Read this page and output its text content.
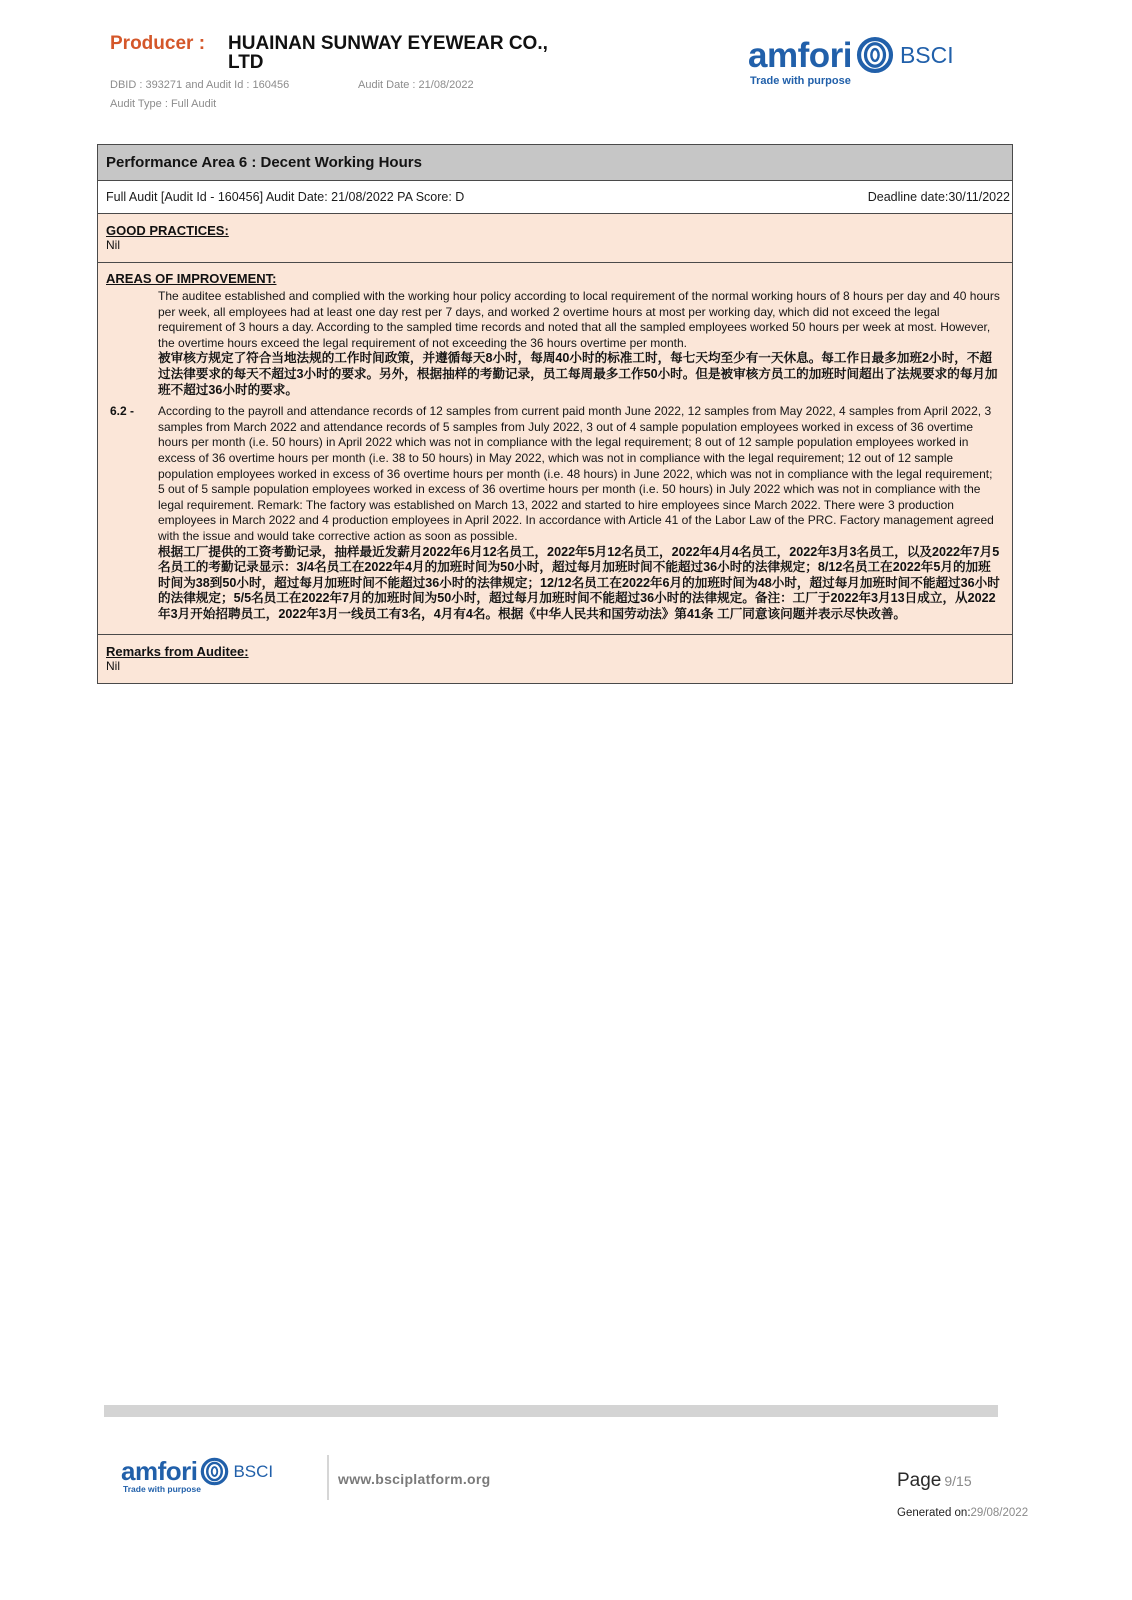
Producer : HUAINAN SUNWAY EYEWEAR CO., LTD
DBID : 393271 and Audit Id : 160456	Audit Date : 21/08/2022
Audit Type : Full Audit
amfori BSCI
Trade with purpose
Performance Area 6 : Decent Working Hours
Full Audit [Audit Id - 160456] Audit Date: 21/08/2022 PA Score: D	Deadline date:30/11/2022
GOOD PRACTICES:
Nil
AREAS OF IMPROVEMENT:

The auditee established and complied with the working hour policy according to local requirement of the normal working hours of 8 hours per day and 40 hours per week, all employees had at least one day rest per 7 days, and worked 2 overtime hours at most per working day, which did not exceed the legal requirement of 3 hours a day. According to the sampled time records and noted that all the sampled employees worked 50 hours per week at most. However, the overtime hours exceed the legal requirement of not exceeding the 36 hours overtime per month.

被审核方规定了符合当地法规的工作时间政策，并遵循每天8小时，每周40小时的标准工时，每七天均至少有一天休息。每工作日最多加班2小时，不超过法律要求的每天不超过3小时的要求。另外，根据抽样的考勤记录，员工每周最多工作50小时。但是被审核方员工的加班时间超出了法规要求的每月加班不超过36小时的要求。

6.2 -	According to the payroll and attendance records of 12 samples from current paid month June 2022, 12 samples from May 2022, 4 samples from April 2022, 3 samples from March 2022 and attendance records of 5 samples from July 2022, 3 out of 4 sample population employees worked in excess of 36 overtime hours per month (i.e. 50 hours) in April 2022 which was not in compliance with the legal requirement; 8 out of 12 sample population employees worked in excess of 36 overtime hours per month (i.e. 38 to 50 hours) in May 2022, which was not in compliance with the legal requirement; 12 out of 12 sample population employees worked in excess of 36 overtime hours per month (i.e. 48 hours) in June 2022, which was not in compliance with the legal requirement; 5 out of 5 sample population employees worked in excess of 36 overtime hours per month (i.e. 50 hours) in July 2022 which was not in compliance with the legal requirement. Remark: The factory was established on March 13, 2022 and started to hire employees since March 2022. There were 3 production employees in March 2022 and 4 production employees in April 2022. In accordance with Article 41 of the Labor Law of the PRC. Factory management agreed with the issue and would take corrective action as soon as possible.

根据工厂提供的工资考勤记录，抽样最近发薪月2022年6月12名员工，2022年5月12名员工，2022年4月4名员工，2022年3月3名员工，以及2022年7月5名员工的考勤记录显示：3/4名员工在2022年4月的加班时间为50小时，超过每月加班时间不能超过36小时的法律规定；8/12名员工在2022年5月的加班时间为38到50小时，超过每月加班时间不能超过36小时的法律规定；12/12名员工在2022年6月的加班时间为48小时，超过每月加班时间不能超过36小时的法律规定；5/5名员工在2022年7月的加班时间为50小时，超过每月加班时间不能超过36小时的法律规定。备注：工厂于2022年3月13日成立，从2022年3月开始招聘员工，2022年3月一线员工有3名，4月有4名。根据《中华人民共和国劳动法》第41条 工厂同意该问题并表示尽快改善。

Remarks from Auditee:
Nil
amfori BSCI
Trade with purpose
www.bsciplatform.org	Page 9/15
Generated on:29/08/2022
